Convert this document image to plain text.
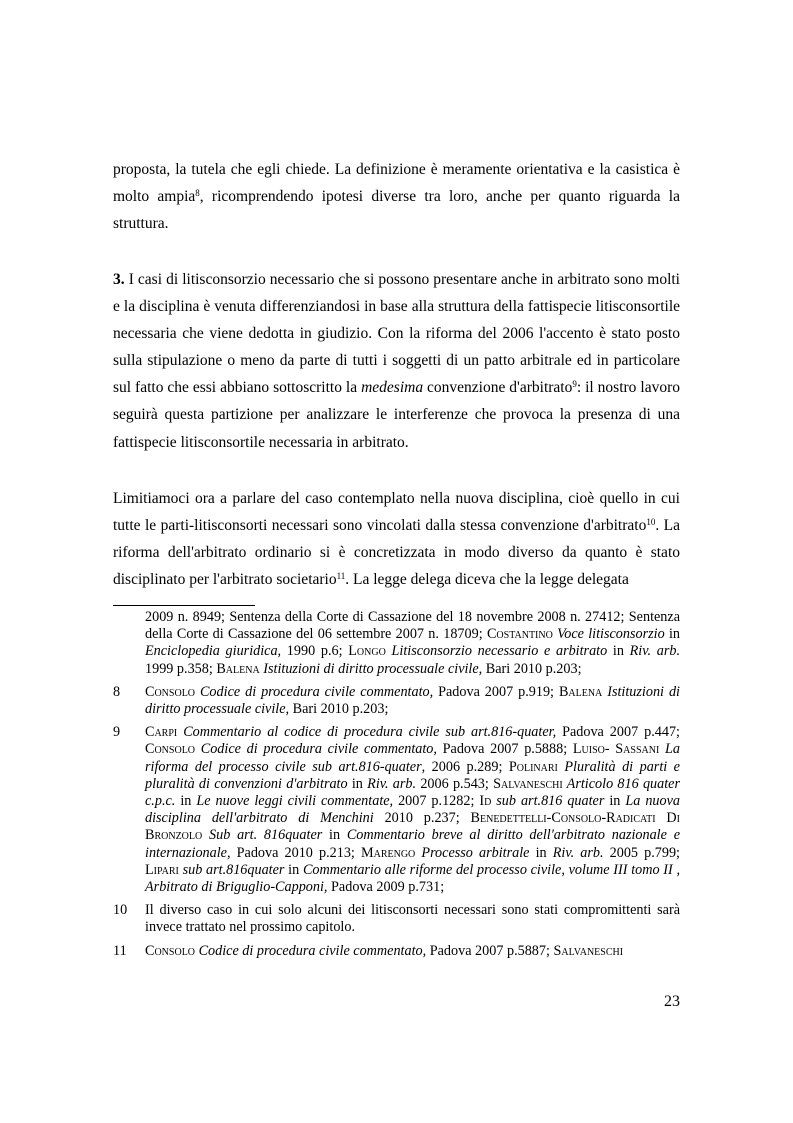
proposta, la tutela che egli chiede. La definizione è meramente orientativa e la casistica è molto ampia$^8$, ricomprendendo ipotesi diverse tra loro, anche per quanto riguarda la struttura.

3. I casi di litisconsorzio necessario che si possono presentare anche in arbitrato sono molti e la disciplina è venuta differenziandosi in base alla struttura della fattispecie litisconsortile necessaria che viene dedotta in giudizio. Con la riforma del 2006 l'accento è stato posto sulla stipulazione o meno da parte di tutti i soggetti di un patto arbitrale ed in particolare sul fatto che essi abbiano sottoscritto la medesima convenzione d'arbitrato$^9$: il nostro lavoro seguirà questa partizione per analizzare le interferenze che provoca la presenza di una fattispecie litisconsortile necessaria in arbitrato.

Limitiamoci ora a parlare del caso contemplato nella nuova disciplina, cioè quello in cui tutte le parti-litisconsorti necessari sono vincolati dalla stessa convenzione d'arbitrato$^{10}$. La riforma dell'arbitrato ordinario si è concretizzata in modo diverso da quanto è stato disciplinato per l'arbitrato societario$^{11}$. La legge delega diceva che la legge delegata

2009 n. 8949; Sentenza della Corte di Cassazione del 18 novembre 2008 n. 27412; Sentenza della Corte di Cassazione del 06 settembre 2007 n. 18709; Costantino Voce litisconsorzio in Enciclopedia giuridica, 1990 p.6; Longo Litisconsorzio necessario e arbitrato in Riv. arb. 1999 p.358; Balena Istituzioni di diritto processuale civile, Bari 2010 p.203;
8 Consolo Codice di procedura civile commentato, Padova 2007 p.919; Balena Istituzioni di diritto processuale civile, Bari 2010 p.203;
9 Carpi Commentario al codice di procedura civile sub art.816-quater, Padova 2007 p.447; Consolo Codice di procedura civile commentato, Padova 2007 p.5888; Luiso- Sassani La riforma del processo civile sub art.816-quater, 2006 p.289; Polinari Pluralità di parti e pluralità di convenzioni d'arbitrato in Riv. arb. 2006 p.543; Salvaneschi Articolo 816 quater c.p.c. in Le nuove leggi civili commentate, 2007 p.1282; Id sub art.816 quater in La nuova disciplina dell'arbitrato di Menchini 2010 p.237; Benedettelli-Consolo-Radicati Di Bronzolo Sub art. 816quater in Commentario breve al diritto dell'arbitrato nazionale e internazionale, Padova 2010 p.213; Marengo Processo arbitrale in Riv. arb. 2005 p.799; Lipari sub art.816quater in Commentario alle riforme del processo civile, volume III tomo II , Arbitrato di Briguglio-Capponi, Padova 2009 p.731;
10 Il diverso caso in cui solo alcuni dei litisconsorti necessari sono stati compromittenti sarà invece trattato nel prossimo capitolo.
11 Consolo Codice di procedura civile commentato, Padova 2007 p.5887; Salvaneschi
23
